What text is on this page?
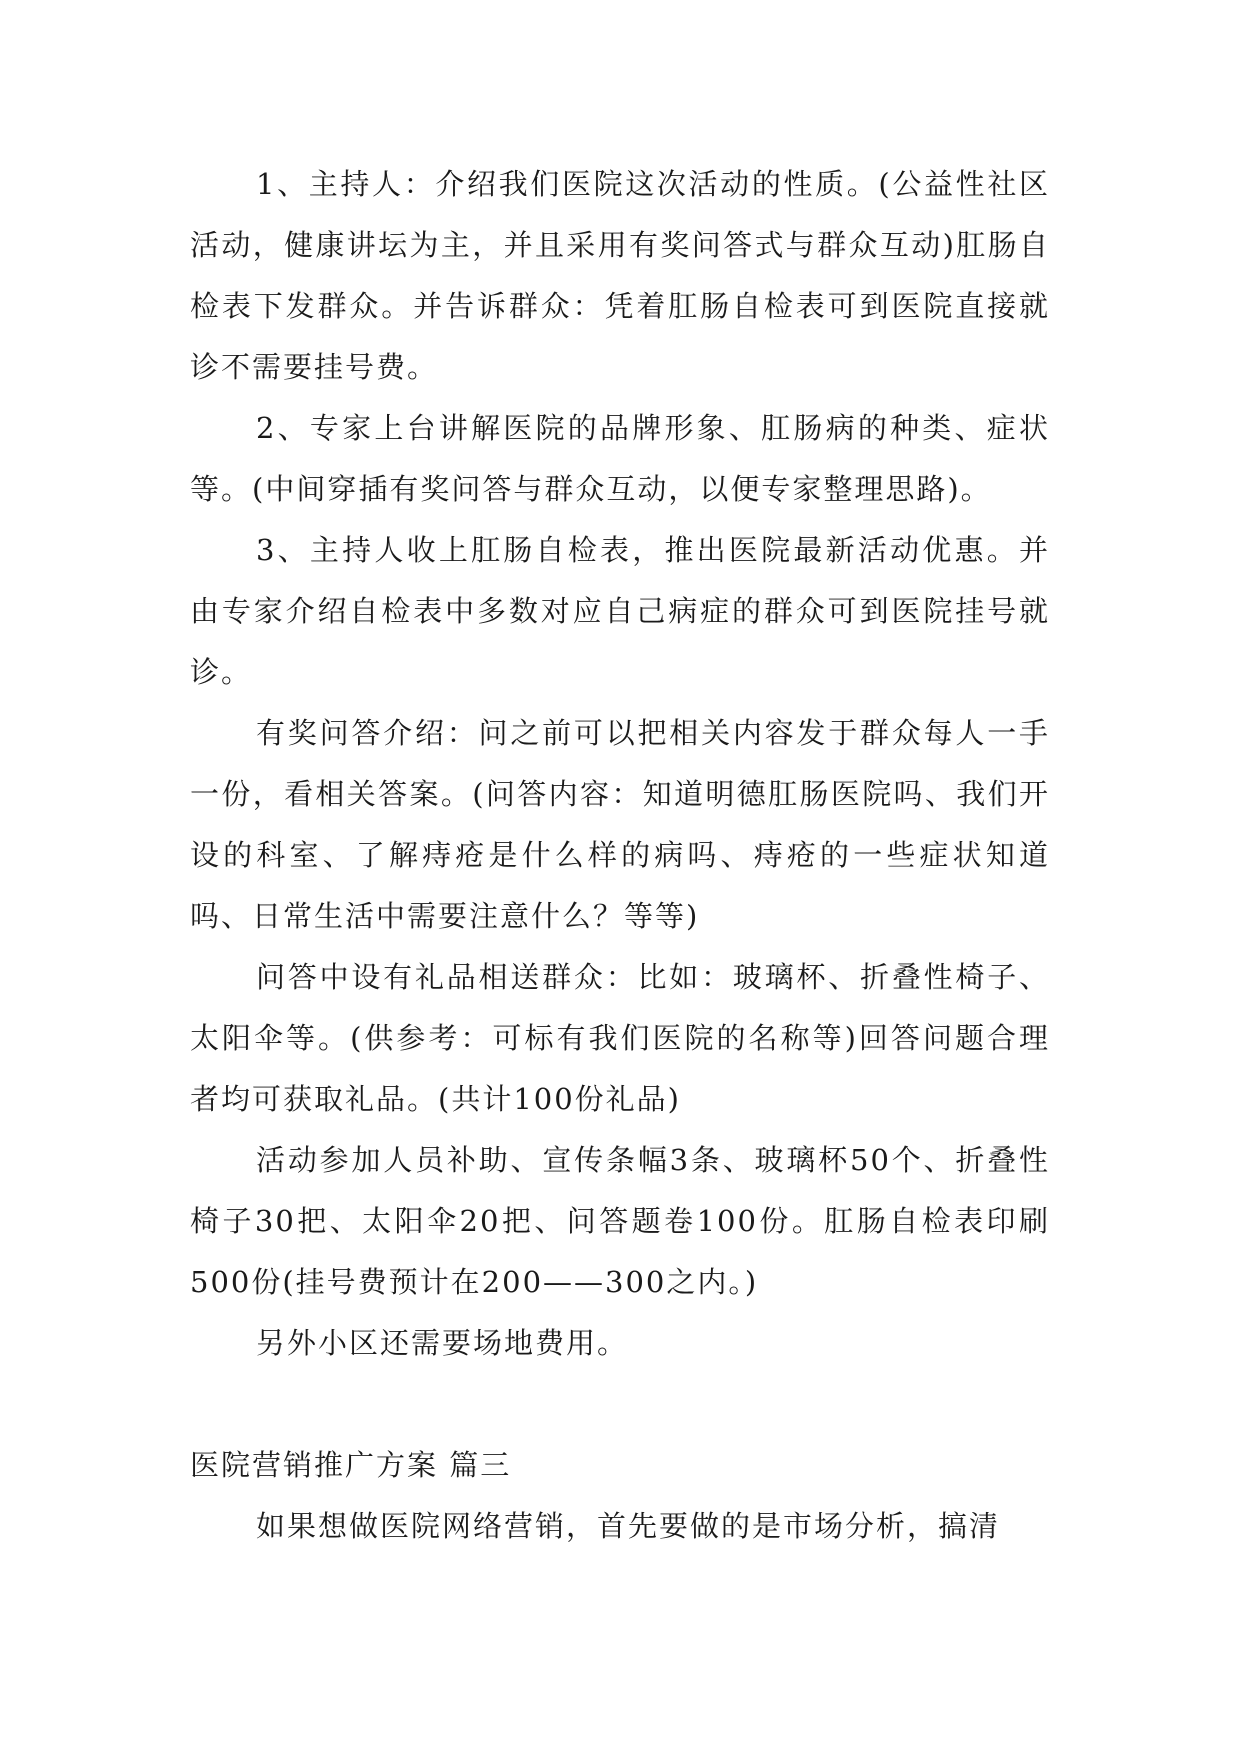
1、主持人：介绍我们医院这次活动的性质。(公益性社区活动，健康讲坛为主，并且采用有奖问答式与群众互动)肛肠自检表下发群众。并告诉群众：凭着肛肠自检表可到医院直接就诊不需要挂号费。

2、专家上台讲解医院的品牌形象、肛肠病的种类、症状等。(中间穿插有奖问答与群众互动，以便专家整理思路)。

3、主持人收上肛肠自检表，推出医院最新活动优惠。并由专家介绍自检表中多数对应自己病症的群众可到医院挂号就诊。

有奖问答介绍：问之前可以把相关内容发于群众每人一手一份，看相关答案。(问答内容：知道明德肛肠医院吗、我们开设的科室、了解痔疮是什么样的病吗、痔疮的一些症状知道吗、日常生活中需要注意什么？等等)

问答中设有礼品相送群众：比如：玻璃杯、折叠性椅子、太阳伞等。(供参考：可标有我们医院的名称等)回答问题合理者均可获取礼品。(共计100份礼品)

活动参加人员补助、宣传条幅3条、玻璃杯50个、折叠性椅子30把、太阳伞20把、问答题卷100份。肛肠自检表印刷500份(挂号费预计在200——300之内。)

另外小区还需要场地费用。

医院营销推广方案 篇三

如果想做医院网络营销，首先要做的是市场分析，搞清
